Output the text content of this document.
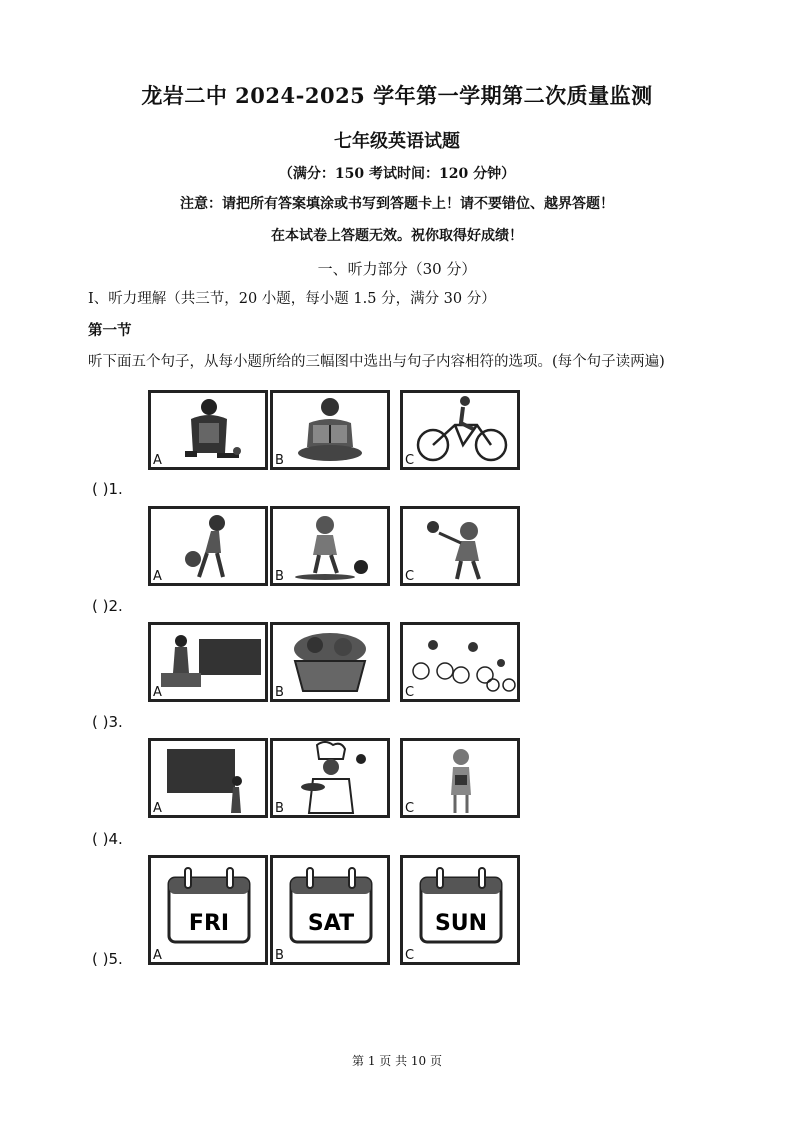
龙岩二中 2024-2025 学年第一学期第二次质量监测
七年级英语试题
（满分：150 考试时间：120 分钟）
注意：请把所有答案填涂或书写到答题卡上！请不要错位、越界答题！
在本试卷上答题无效。祝你取得好成绩！
一、听力部分（30 分）
I、听力理解（共三节，20 小题，每小题 1.5 分，满分 30 分）
第一节
听下面五个句子，从每小题所给的三幅图中选出与句子内容相符的选项。(每个句子读两遍)
( )1.
A	B	C
( )2.
A	B	C
( )3.
A	B	C
( )4.
A	B	C
( )5.
FRI
A
SAT
B
SUN
C
第 1 页 共 10 页
